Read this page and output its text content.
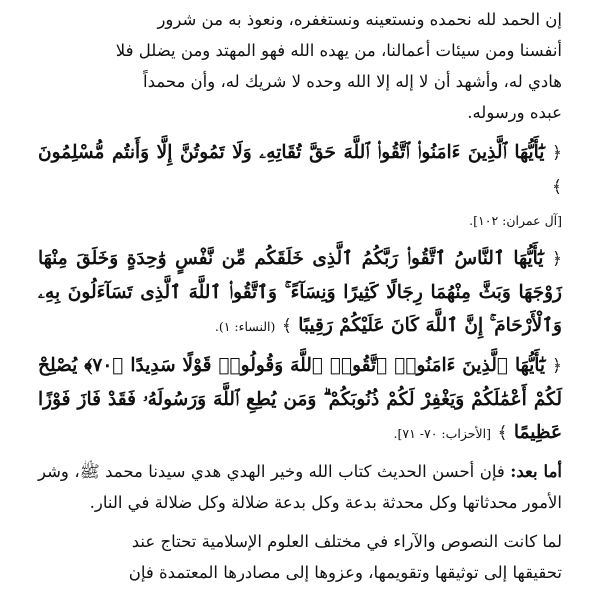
إن الحمد لله نحمده ونستعينه ونستغفره، ونعوذ به من شرور
أنفسنا ومن سيئات أعمالنا، من يهده الله فهو المهتد ومن يضلل فلا
هادي له، وأشهد أن لا إله إلا الله وحده لا شريك له، وأن محمداً
عبده ورسوله.

﴿ يَٰٓأَيُّهَا ٱلَّذِينَ ءَامَنُوا۟ ٱتَّقُوا۟ ٱللَّهَ حَقَّ تُقَاتِهِۦ وَلَا تَمُوتُنَّ إِلَّا وَأَنتُم مُّسْلِمُونَ ﴾

[آل عمران: ١٠٢].

﴿ يَٰٓأَيُّهَا ٱلنَّاسُ ٱتَّقُوا۟ رَبَّكُمُ ٱلَّذِى خَلَقَكُم مِّن نَّفْسٍ وَٰحِدَةٍ وَخَلَقَ مِنْهَا زَوْجَهَا وَبَثَّ مِنْهُمَا رِجَالًا كَثِيرًا وَنِسَآءً ۚ وَٱتَّقُوا۟ ٱللَّهَ ٱلَّذِى تَسَآءَلُونَ بِهِۦ وَٱلْأَرْحَامَ ۚ إِنَّ ٱللَّهَ كَانَ عَلَيْكُمْ رَقِيبًا ﴾ (النساء: ١).

﴿ يَٰٓأَيُّهَا ٱلَّذِينَ ءَامَنُوا۟ ٱتَّقُوا۟ ٱللَّهَ وَقُولُوا۟ قَوْلًا سَدِيدًا ﴿٧٠﴾ يُصْلِحْ لَكُمْ أَعْمَٰلَكُمْ وَيَغْفِرْ لَكُمْ ذُنُوبَكُمْ ۗ وَمَن يُطِعِ ٱللَّهَ وَرَسُولَهُۥ فَقَدْ فَازَ فَوْزًا عَظِيمًا ﴾ [الأحزاب: ٧٠- ٧١].

أما بعد: فإن أحسن الحديث كتاب الله وخير الهدي هدي سيدنا محمد ﷺ، وشر الأمور محدثاتها وكل محدثة بدعة وكل بدعة ضلالة وكل ضلالة في النار.

لما كانت النصوص والآراء في مختلف العلوم الإسلامية تحتاج عند
تحقيقها إلى توثيقها وتقويمها، وعزوها إلى مصادرها المعتمدة فإن
